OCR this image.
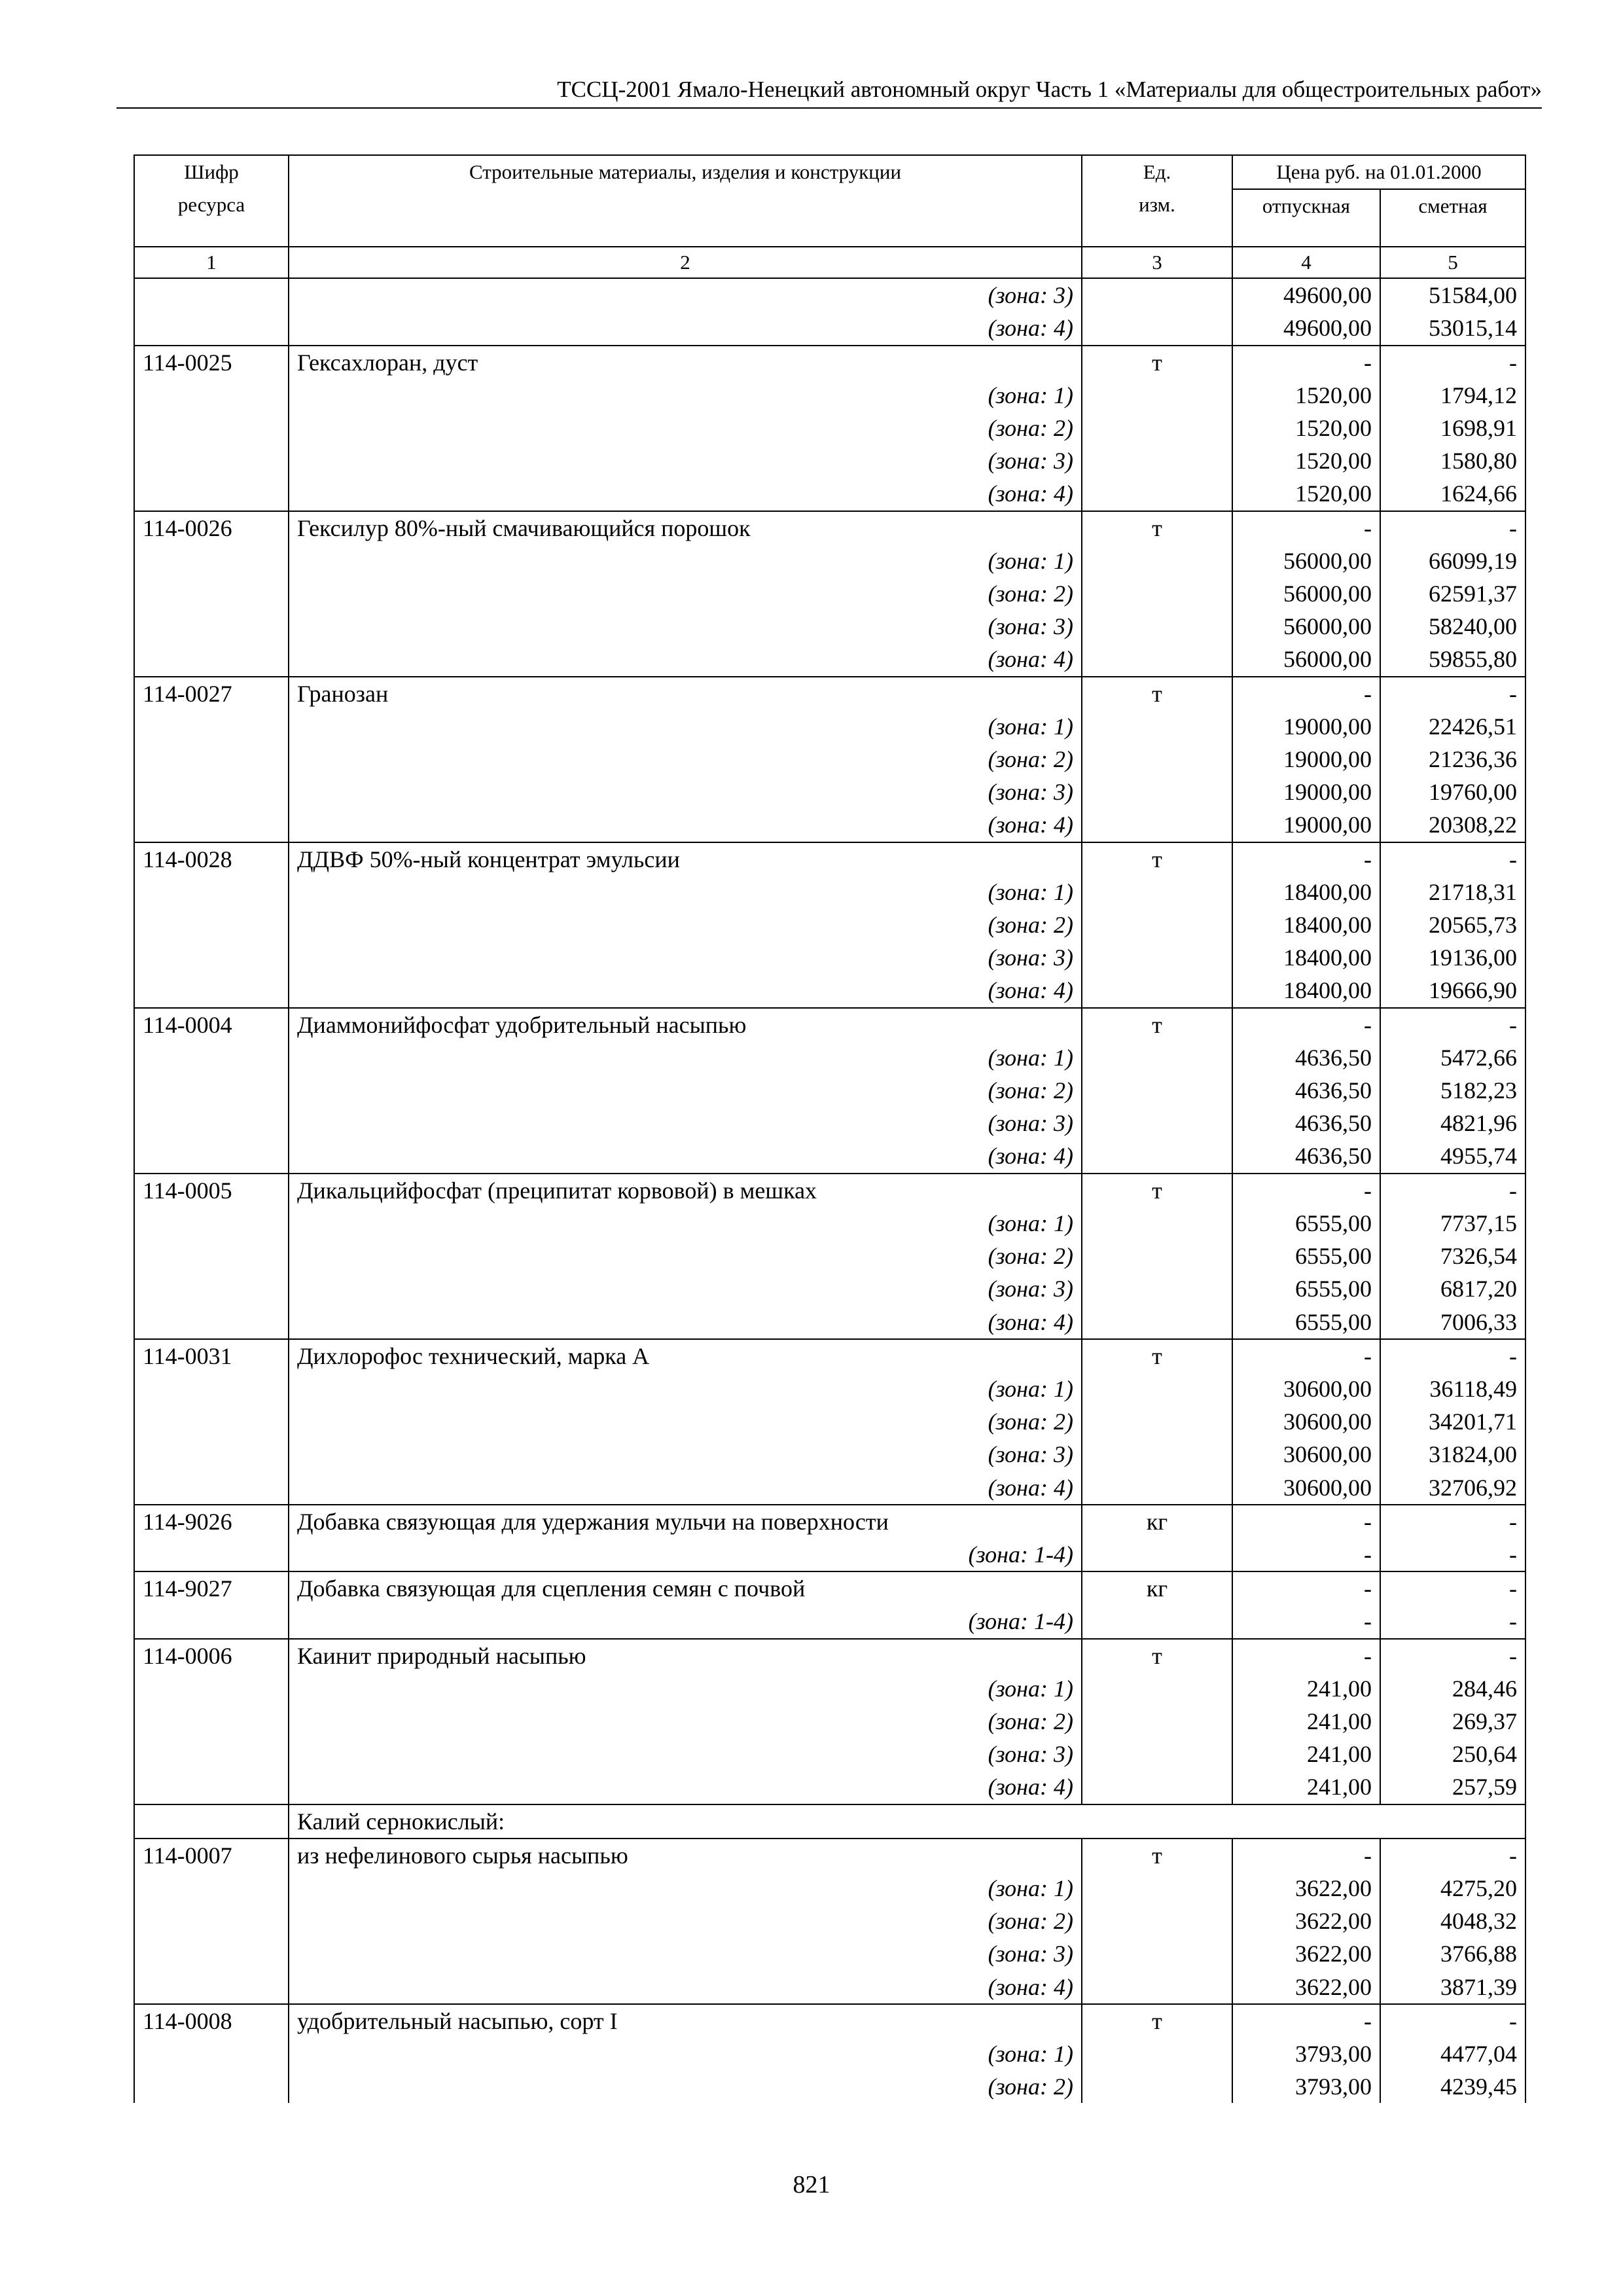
ТССЦ-2001 Ямало-Ненецкий автономный округ Часть 1 «Материалы для общестроительных работ»
Шифр ресурса	Строительные материалы, изделия и конструкции	Ед. изм.	Цена руб. на 01.01.2000	
			отпускная	сметная
1	2	3	4	5
	(зона: 3)		49600,00	51584,00
	(зона: 4)		49600,00	53015,14
114-0025	Гексахлоран, дуст	т	-	-
	(зона: 1)		1520,00	1794,12
	(зона: 2)		1520,00	1698,91
	(зона: 3)		1520,00	1580,80
	(зона: 4)		1520,00	1624,66
114-0026	Гексилур 80%-ный смачивающийся порошок	т	-	-
	(зона: 1)		56000,00	66099,19
	(зона: 2)		56000,00	62591,37
	(зона: 3)		56000,00	58240,00
	(зона: 4)		56000,00	59855,80
114-0027	Гранозан	т	-	-
	(зона: 1)		19000,00	22426,51
	(зона: 2)		19000,00	21236,36
	(зона: 3)		19000,00	19760,00
	(зона: 4)		19000,00	20308,22
114-0028	ДДВФ 50%-ный концентрат эмульсии	т	-	-
	(зона: 1)		18400,00	21718,31
	(зона: 2)		18400,00	20565,73
	(зона: 3)		18400,00	19136,00
	(зона: 4)		18400,00	19666,90
114-0004	Диаммонийфосфат удобрительный насыпью	т	-	-
	(зона: 1)		4636,50	5472,66
	(зона: 2)		4636,50	5182,23
	(зона: 3)		4636,50	4821,96
	(зона: 4)		4636,50	4955,74
114-0005	Дикальцийфосфат (преципитат корвовой) в мешках	т	-	-
	(зона: 1)		6555,00	7737,15
	(зона: 2)		6555,00	7326,54
	(зона: 3)		6555,00	6817,20
	(зона: 4)		6555,00	7006,33
114-0031	Дихлорофос технический, марка А	т	-	-
	(зона: 1)		30600,00	36118,49
	(зона: 2)		30600,00	34201,71
	(зона: 3)		30600,00	31824,00
	(зона: 4)		30600,00	32706,92
114-9026	Добавка связующая для удержания мульчи на поверхности	кг	-	-
	(зона: 1-4)		-	-
114-9027	Добавка связующая для сцепления семян с почвой	кг	-	-
	(зона: 1-4)		-	-
114-0006	Каинит природный насыпью	т	-	-
	(зона: 1)		241,00	284,46
	(зона: 2)		241,00	269,37
	(зона: 3)		241,00	250,64
	(зона: 4)		241,00	257,59
	Калий сернокислый:			
114-0007	из нефелинового сырья насыпью	т	-	-
	(зона: 1)		3622,00	4275,20
	(зона: 2)		3622,00	4048,32
	(зона: 3)		3622,00	3766,88
	(зона: 4)		3622,00	3871,39
114-0008	удобрительный насыпью, сорт I	т	-	-
	(зона: 1)		3793,00	4477,04
	(зона: 2)		3793,00	4239,45
821
